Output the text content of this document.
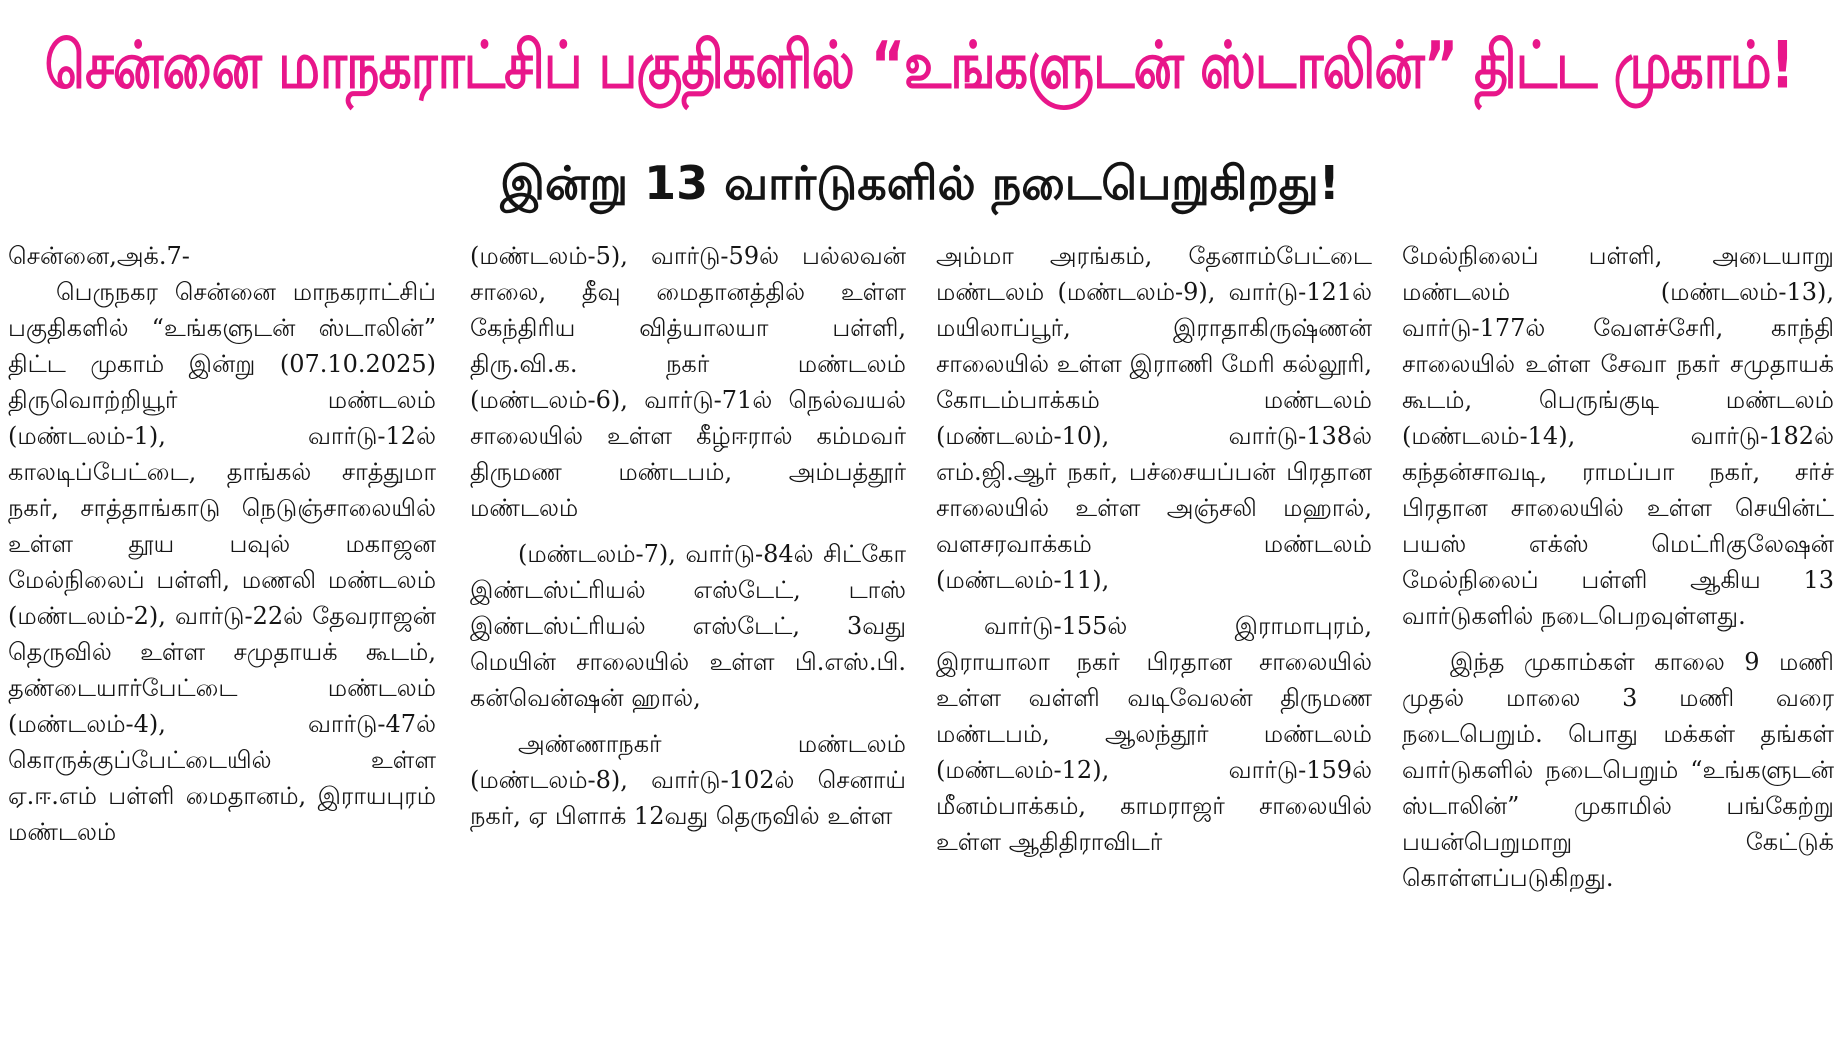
சென்னை மாநகராட்சிப் பகுதிகளில் “உங்களுடன் ஸ்டாலின்” திட்ட முகாம்!
இன்று 13 வார்டுகளில் நடைபெறுகிறது!

சென்னை,அக்.7-

பெருநகர சென்னை மாநகராட்சிப் பகுதிகளில் “உங்களுடன் ஸ்டாலின்” திட்ட முகாம் இன்று (07.10.2025) திருவொற்றியூர் மண்டலம் (மண்டலம்-1), வார்டு-12ல் காலடிப்பேட்டை, தாங்கல் சாத்துமா நகர், சாத்தாங்காடு நெடுஞ்சாலையில் உள்ள தூய பவுல் மகாஜன மேல்நிலைப் பள்ளி, மணலி மண்டலம் (மண்டலம்-2), வார்டு-22ல் தேவராஜன் தெருவில் உள்ள சமுதாயக் கூடம், தண்டையார்பேட்டை மண்டலம் (மண்டலம்-4), வார்டு-47ல் கொருக்குப்பேட்டையில் உள்ள ஏ.ஈ.எம் பள்ளி மைதானம், இராயபுரம் மண்டலம்

(மண்டலம்-5), வார்டு-59ல் பல்லவன் சாலை, தீவு மைதானத்தில் உள்ள கேந்திரிய வித்யாலயா பள்ளி, திரு.வி.க. நகர் மண்டலம் (மண்டலம்-6), வார்டு-71ல் நெல்வயல் சாலையில் உள்ள கீழ்ஈரால் கம்மவர் திருமண மண்டபம், அம்பத்தூர் மண்டலம்

(மண்டலம்-7), வார்டு-84ல் சிட்கோ இண்டஸ்ட்ரியல் எஸ்டேட், டாஸ் இண்டஸ்ட்ரியல் எஸ்டேட், 3வது மெயின் சாலையில் உள்ள பி.எஸ்.பி. கன்வென்ஷன் ஹால்,

அண்ணாநகர் மண்டலம் (மண்டலம்-8), வார்டு-102ல் செனாய் நகர், ஏ பிளாக் 12வது தெருவில் உள்ள

அம்மா அரங்கம், தேனாம்பேட்டை மண்டலம் (மண்டலம்-9), வார்டு-121ல் மயிலாப்பூர், இராதாகிருஷ்ணன் சாலையில் உள்ள இராணி மேரி கல்லூரி, கோடம்பாக்கம் மண்டலம் (மண்டலம்-10), வார்டு-138ல் எம்.ஜி.ஆர் நகர், பச்சையப்பன் பிரதான சாலையில் உள்ள அஞ்சலி மஹால், வளசரவாக்கம் மண்டலம் (மண்டலம்-11),

வார்டு-155ல் இராமாபுரம், இராயாலா நகர் பிரதான சாலையில் உள்ள வள்ளி வடிவேலன் திருமண மண்டபம், ஆலந்தூர் மண்டலம் (மண்டலம்-12), வார்டு-159ல் மீனம்பாக்கம், காமராஜர் சாலையில் உள்ள ஆதிதிராவிடர்

மேல்நிலைப் பள்ளி, அடையாறு மண்டலம் (மண்டலம்-13), வார்டு-177ல் வேளச்சேரி, காந்தி சாலையில் உள்ள சேவா நகர் சமுதாயக் கூடம், பெருங்குடி மண்டலம் (மண்டலம்-14), வார்டு-182ல் கந்தன்சாவடி, ராமப்பா நகர், சர்ச் பிரதான சாலையில் உள்ள செயின்ட் பயஸ் எக்ஸ் மெட்ரிகுலேஷன் மேல்நிலைப் பள்ளி ஆகிய 13 வார்டுகளில் நடைபெறவுள்ளது.

இந்த முகாம்கள் காலை 9 மணி முதல் மாலை 3 மணி வரை நடைபெறும். பொது மக்கள் தங்கள் வார்டுகளில் நடைபெறும் “உங்களுடன் ஸ்டாலின்” முகாமில் பங்கேற்று பயன்பெறுமாறு கேட்டுக் கொள்ளப்படுகிறது.
